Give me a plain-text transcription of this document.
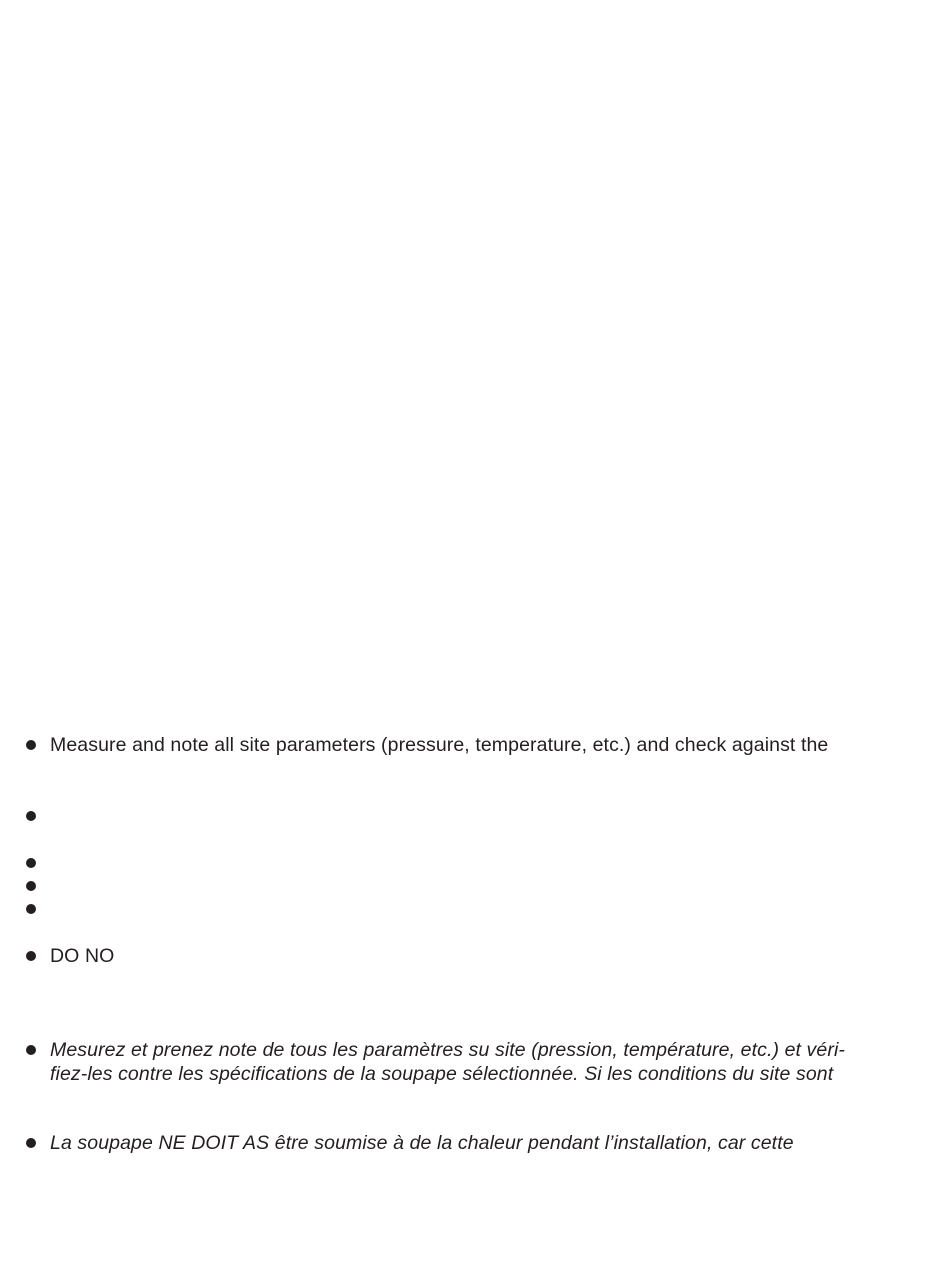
Measure and note all site parameters (pressure, temperature, etc.) and check against the
DO NO
Mesurez et prenez note de tous les paramètres su site (pression, température, etc.) et véri-
fiez-les contre les spécifications de la soupape sélectionnée. Si les conditions du site sont
La soupape NE DOIT AS être soumise à de la chaleur pendant l’installation, car cette
